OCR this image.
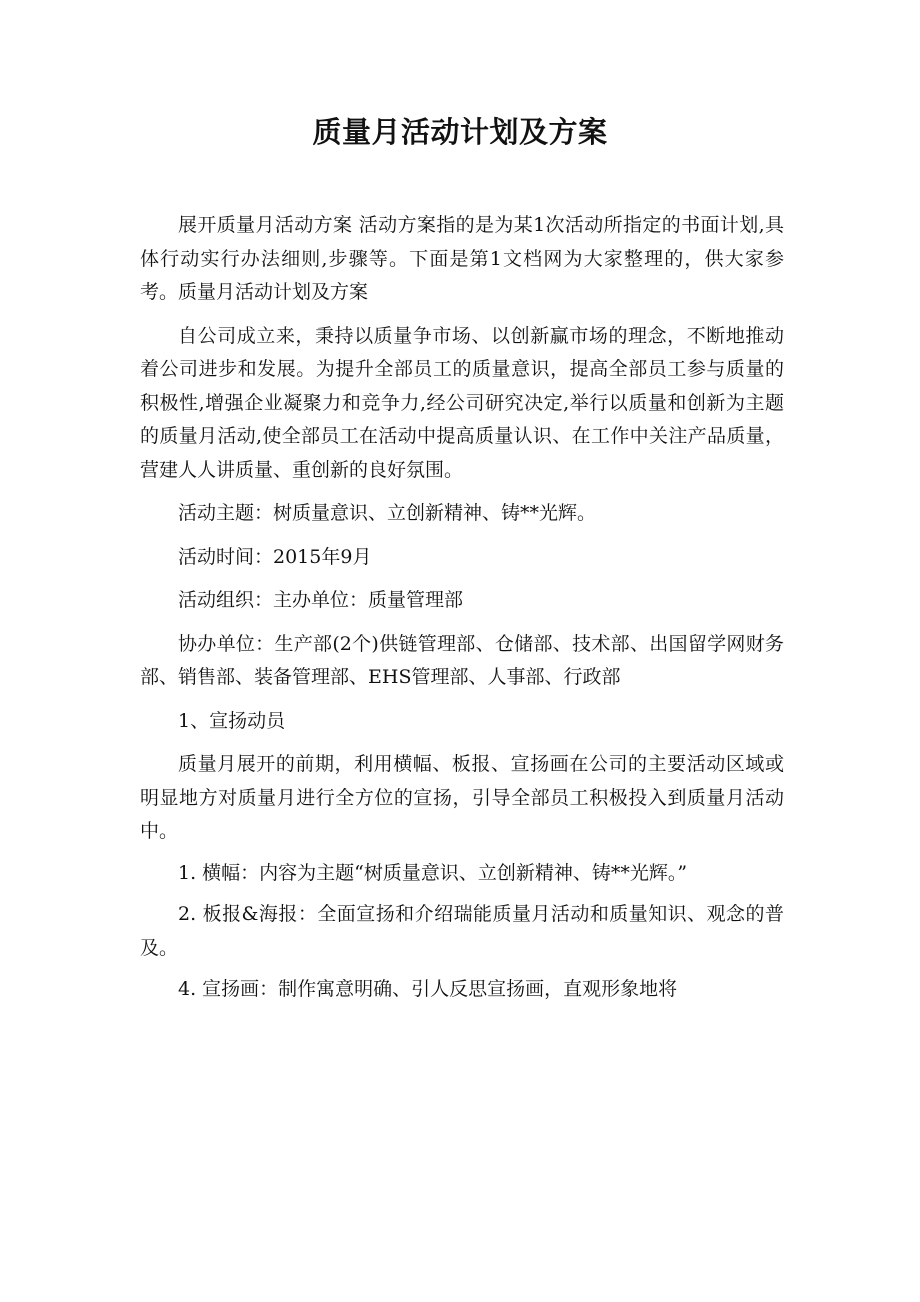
质量月活动计划及方案

展开质量月活动方案 活动方案指的是为某1次活动所指定的书面计划,具体行动实行办法细则,步骤等。下面是第1文档网为大家整理的，供大家参考。质量月活动计划及方案

自公司成立来，秉持以质量争市场、以创新赢市场的理念，不断地推动着公司进步和发展。为提升全部员工的质量意识，提高全部员工参与质量的积极性,增强企业凝聚力和竞争力,经公司研究决定,举行以质量和创新为主题的质量月活动,使全部员工在活动中提高质量认识、在工作中关注产品质量，营建人人讲质量、重创新的良好氛围。

活动主题：树质量意识、立创新精神、铸**光辉。

活动时间：2015年9月

活动组织：主办单位：质量管理部

协办单位：生产部(2个)供链管理部、仓储部、技术部、出国留学网财务部、销售部、装备管理部、EHS管理部、人事部、行政部

1、宣扬动员

质量月展开的前期，利用横幅、板报、宣扬画在公司的主要活动区域或明显地方对质量月进行全方位的宣扬，引导全部员工积极投入到质量月活动中。

1. 横幅：内容为主题“树质量意识、立创新精神、铸**光辉。”

2. 板报&海报：全面宣扬和介绍瑞能质量月活动和质量知识、观念的普及。

4. 宣扬画：制作寓意明确、引人反思宣扬画，直观形象地将
